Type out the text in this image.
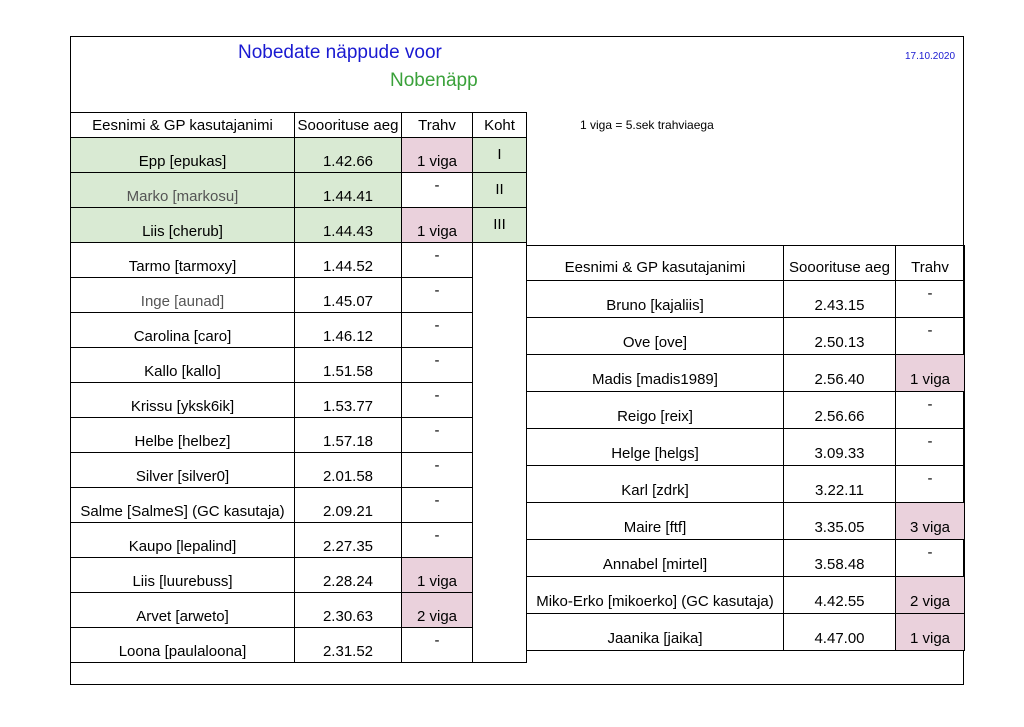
Nobedate näppude voor
Nobenäpp
17.10.2020
1 viga = 5.sek trahviaega
Eesnimi & GP kasutajanimi	Sooorituse aeg	Trahv	Koht
Epp [epukas]	1.42.66	1 viga	I
Marko [markosu]	1.44.41	-	II
Liis [cherub]	1.44.43	1 viga	III
Tarmo [tarmoxy]	1.44.52	-	
Inge [aunad]	1.45.07	-	
Carolina [caro]	1.46.12	-	
Kallo [kallo]	1.51.58	-	
Krissu [yksk6ik]	1.53.77	-	
Helbe [helbez]	1.57.18	-	
Silver [silver0]	2.01.58	-	
Salme [SalmeS] (GC kasutaja)	2.09.21	-	
Kaupo [lepalind]	2.27.35	-	
Liis [luurebuss]	2.28.24	1 viga	
Arvet [arweto]	2.30.63	2 viga	
Loona [paulaloona]	2.31.52	-	
Eesnimi & GP kasutajanimi	Sooorituse aeg	Trahv
Bruno [kajaliis]	2.43.15	-
Ove [ove]	2.50.13	-
Madis [madis1989]	2.56.40	1 viga
Reigo [reix]	2.56.66	-
Helge [helgs]	3.09.33	-
Karl [zdrk]	3.22.11	-
Maire [ftf]	3.35.05	3 viga
Annabel [mirtel]	3.58.48	-
Miko-Erko [mikoerko] (GC kasutaja)	4.42.55	2 viga
Jaanika [jaika]	4.47.00	1 viga
